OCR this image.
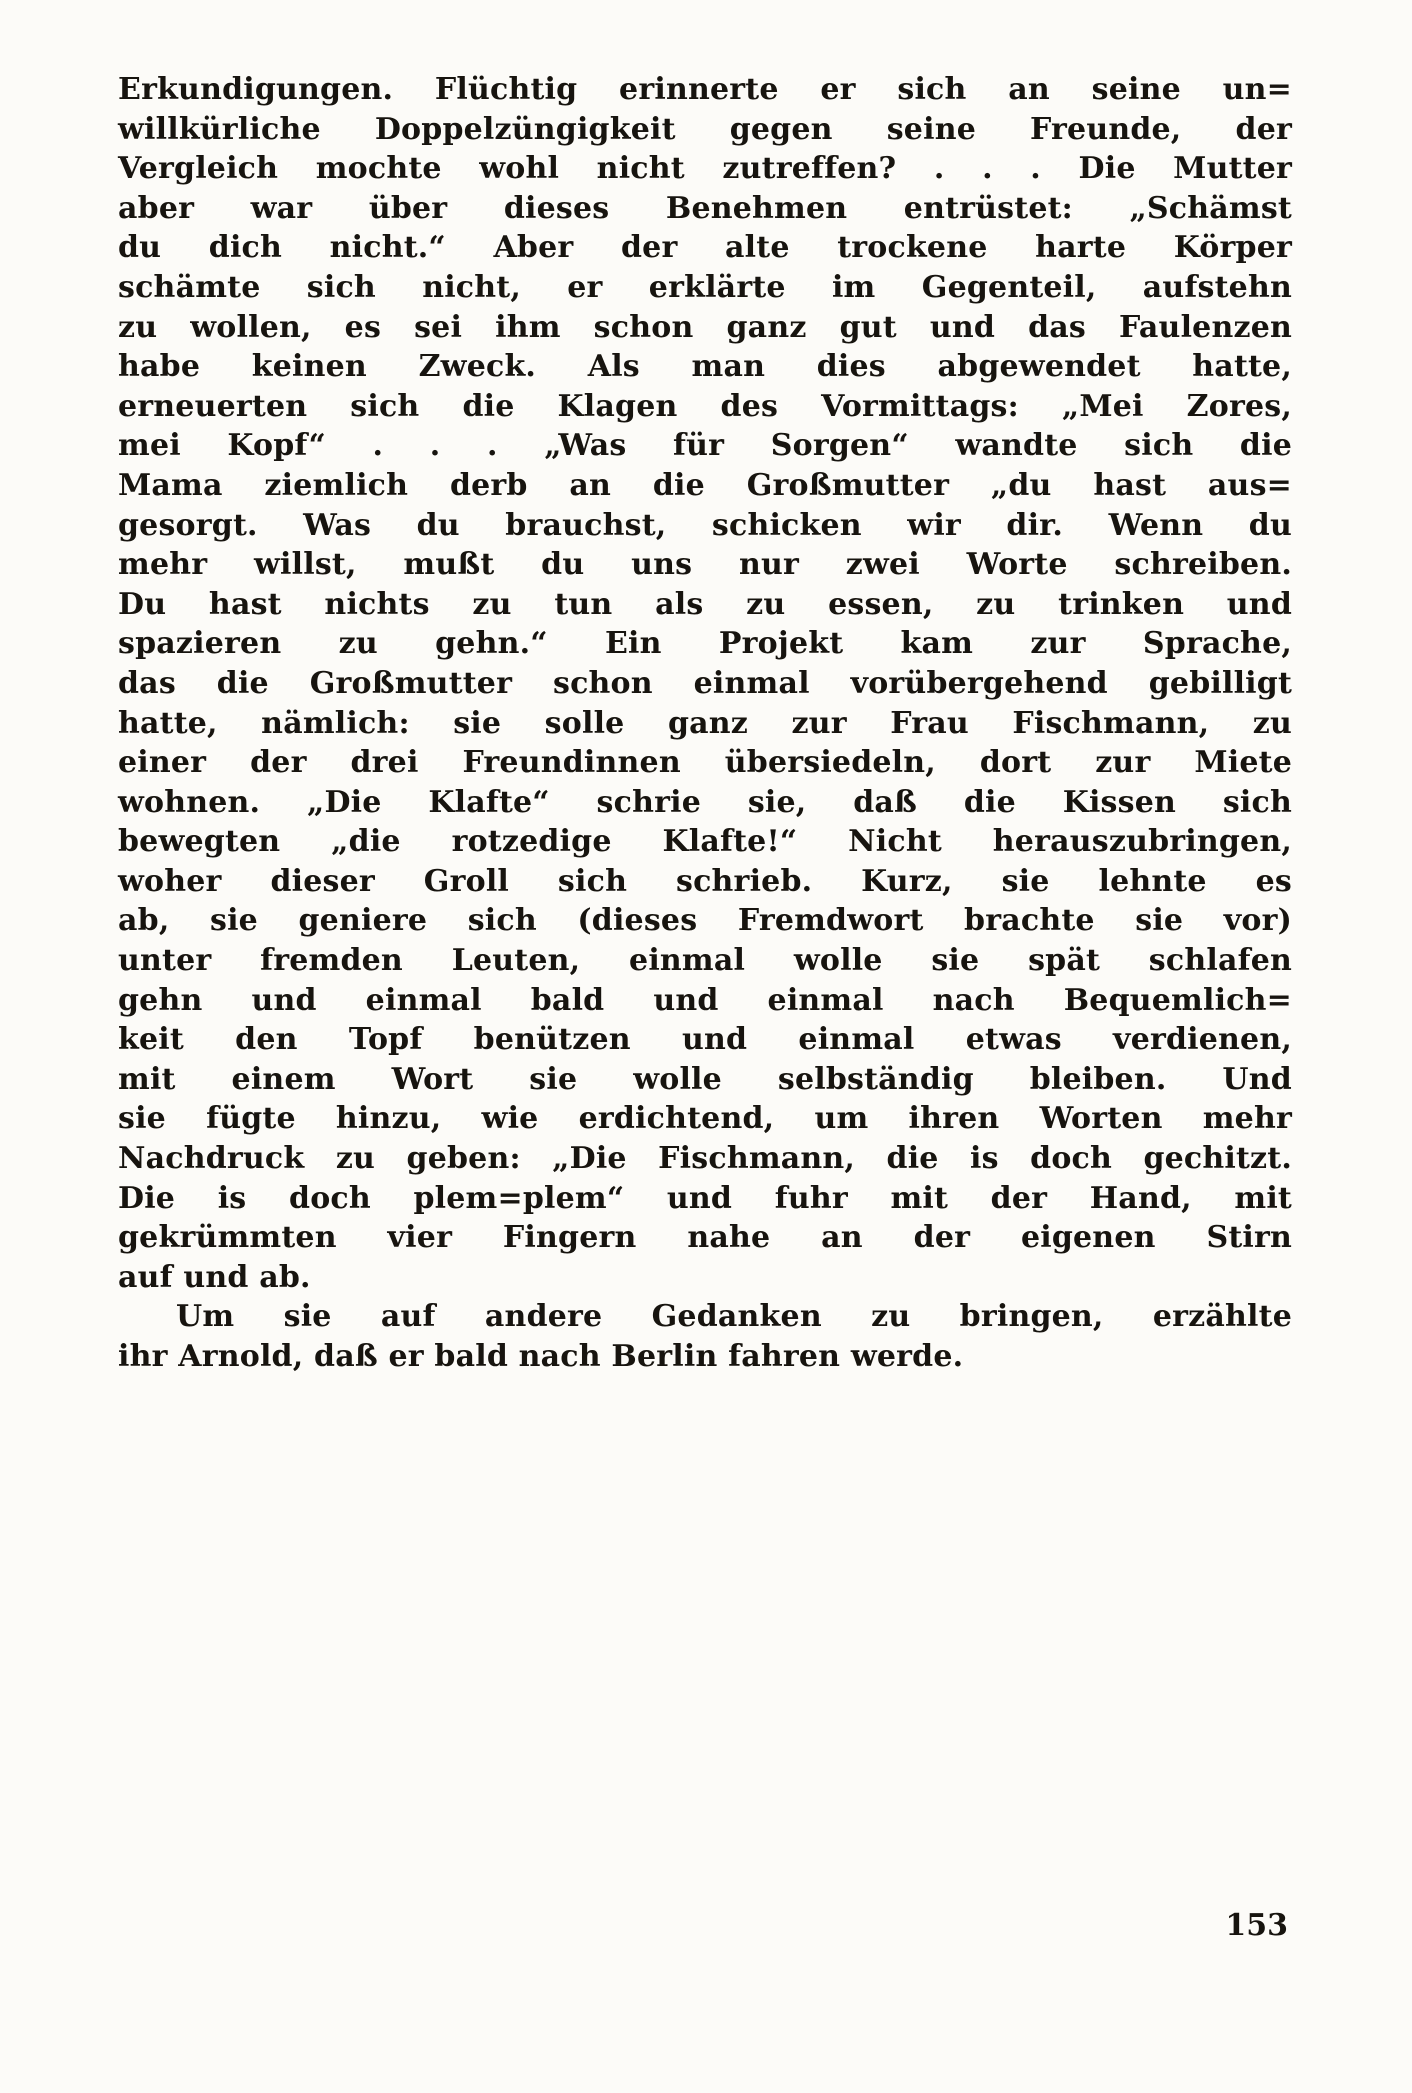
Erkundigungen. Flüchtig erinnerte er sich an seine un=
willkürliche Doppelzüngigkeit gegen seine Freunde, der
Vergleich mochte wohl nicht zutreffen? . . . Die Mutter
aber war über dieses Benehmen entrüstet: „Schämst
du dich nicht.“ Aber der alte trockene harte Körper
schämte sich nicht, er erklärte im Gegenteil, aufstehn
zu wollen, es sei ihm schon ganz gut und das Faulenzen
habe keinen Zweck. Als man dies abgewendet hatte,
erneuerten sich die Klagen des Vormittags: „Mei Zores,
mei Kopf“ . . . „Was für Sorgen“ wandte sich die
Mama ziemlich derb an die Großmutter „du hast aus=
gesorgt. Was du brauchst, schicken wir dir. Wenn du
mehr willst, mußt du uns nur zwei Worte schreiben.
Du hast nichts zu tun als zu essen, zu trinken und
spazieren zu gehn.“ Ein Projekt kam zur Sprache,
das die Großmutter schon einmal vorübergehend gebilligt
hatte, nämlich: sie solle ganz zur Frau Fischmann, zu
einer der drei Freundinnen übersiedeln, dort zur Miete
wohnen. „Die Klafte“ schrie sie, daß die Kissen sich
bewegten „die rotzedige Klafte!“ Nicht herauszubringen,
woher dieser Groll sich schrieb. Kurz, sie lehnte es
ab, sie geniere sich (dieses Fremdwort brachte sie vor)
unter fremden Leuten, einmal wolle sie spät schlafen
gehn und einmal bald und einmal nach Bequemlich=
keit den Topf benützen und einmal etwas verdienen,
mit einem Wort sie wolle selbständig bleiben. Und
sie fügte hinzu, wie erdichtend, um ihren Worten mehr
Nachdruck zu geben: „Die Fischmann, die is doch gechitzt.
Die is doch plem=plem“ und fuhr mit der Hand, mit
gekrümmten vier Fingern nahe an der eigenen Stirn
auf und ab.
Um sie auf andere Gedanken zu bringen, erzählte
ihr Arnold, daß er bald nach Berlin fahren werde.
153
